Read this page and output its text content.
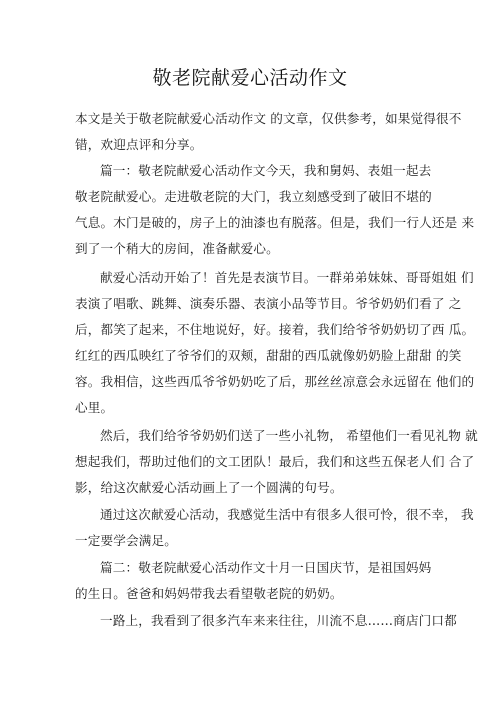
敬老院献爱心活动作文
本文是关于敬老院献爱心活动作文 的文章，仅供参考，如果觉得很不
错，欢迎点评和分享。
篇一：敬老院献爱心活动作文今天，我和舅妈、表姐一起去
敬老院献爱心。走进敬老院的大门，我立刻感受到了破旧不堪的
气息。木门是破的，房子上的油漆也有脱落。但是，我们一行人还是 来
到了一个稍大的房间，准备献爱心。
献爱心活动开始了！首先是表演节目。一群弟弟妹妹、哥哥姐姐 们
表演了唱歌、跳舞、演奏乐器、表演小品等节目。爷爷奶奶们看了 之
后，都笑了起来，不住地说好，好。接着，我们给爷爷奶奶切了西 瓜。
红红的西瓜映红了爷爷们的双颊，甜甜的西瓜就像奶奶脸上甜甜 的笑
容。我相信，这些西瓜爷爷奶奶吃了后，那丝丝凉意会永远留在 他们的
心里。
然后，我们给爷爷奶奶们送了一些小礼物， 希望他们一看见礼物 就
想起我们，帮助过他们的文工团队！最后，我们和这些五保老人们 合了
影，给这次献爱心活动画上了一个圆满的句号。
通过这次献爱心活动，我感觉生活中有很多人很可怜，很不幸， 我
一定要学会满足。
篇二：敬老院献爱心活动作文十月一日国庆节，是祖国妈妈
的生日。爸爸和妈妈带我去看望敬老院的奶奶。
一路上，我看到了很多汽车来来往往，川流不息……商店门口都
